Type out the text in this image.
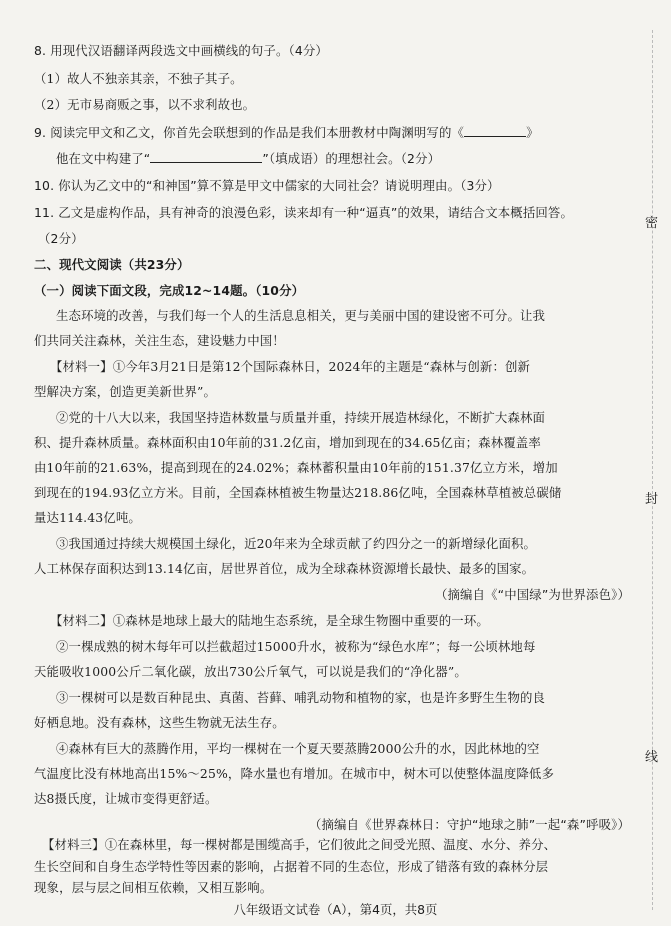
8. 用现代汉语翻译两段选文中画横线的句子。（4分）
（1）故人不独亲其亲，不独子其子。
（2）无市易商贩之事，以不求利故也。
9. 阅读完甲文和乙文，你首先会联想到的作品是我们本册教材中陶渊明写的《	》
他在文中构建了“	”（填成语）的理想社会。（2分）
10. 你认为乙文中的“和神国”算不算是甲文中儒家的大同社会？请说明理由。（3分）
11. 乙文是虚构作品，具有神奇的浪漫色彩，读来却有一种“逼真”的效果，请结合文本概括回答。
（2分）
二、现代文阅读（共23分）
（一）阅读下面文段，完成12~14题。（10分）
生态环境的改善，与我们每一个人的生活息息相关，更与美丽中国的建设密不可分。让我
们共同关注森林，关注生态，建设魅力中国！
【材料一】①今年3月21日是第12个国际森林日，2024年的主题是“森林与创新：创新
型解决方案，创造更美新世界”。
②党的十八大以来，我国坚持造林数量与质量并重，持续开展造林绿化，不断扩大森林面
积、提升森林质量。森林面积由10年前的31.2亿亩，增加到现在的34.65亿亩；森林覆盖率
由10年前的21.63%，提高到现在的24.02%；森林蓄积量由10年前的151.37亿立方米，增加
到现在的194.93亿立方米。目前，全国森林植被生物量达218.86亿吨，全国森林草植被总碳储
量达114.43亿吨。
③我国通过持续大规模国土绿化，近20年来为全球贡献了约四分之一的新增绿化面积。
人工林保存面积达到13.14亿亩，居世界首位，成为全球森林资源增长最快、最多的国家。
（摘编自《“中国绿”为世界添色》）
【材料二】①森林是地球上最大的陆地生态系统，是全球生物圈中重要的一环。
②一棵成熟的树木每年可以拦截超过15000升水，被称为“绿色水库”；每一公顷林地每
天能吸收1000公斤二氧化碳，放出730公斤氧气，可以说是我们的“净化器”。
③一棵树可以是数百种昆虫、真菌、苔藓、哺乳动物和植物的家，也是许多野生生物的良
好栖息地。没有森林，这些生物就无法生存。
④森林有巨大的蒸腾作用，平均一棵树在一个夏天要蒸腾2000公升的水，因此林地的空
气温度比没有林地高出15%～25%，降水量也有增加。在城市中，树木可以使整体温度降低多
达8摄氏度，让城市变得更舒适。
（摘编自《世界森林日：守护“地球之肺”一起“森”呼吸》）
【材料三】①在森林里，每一棵树都是围缆高手，它们彼此之间受光照、温度、水分、养分、
生长空间和自身生态学特性等因素的影响，占据着不同的生态位，形成了错落有致的森林分层
密
封
线
八年级语文试卷（A），第4页，共8页
现象，层与层之间相互依赖，又相互影响。
